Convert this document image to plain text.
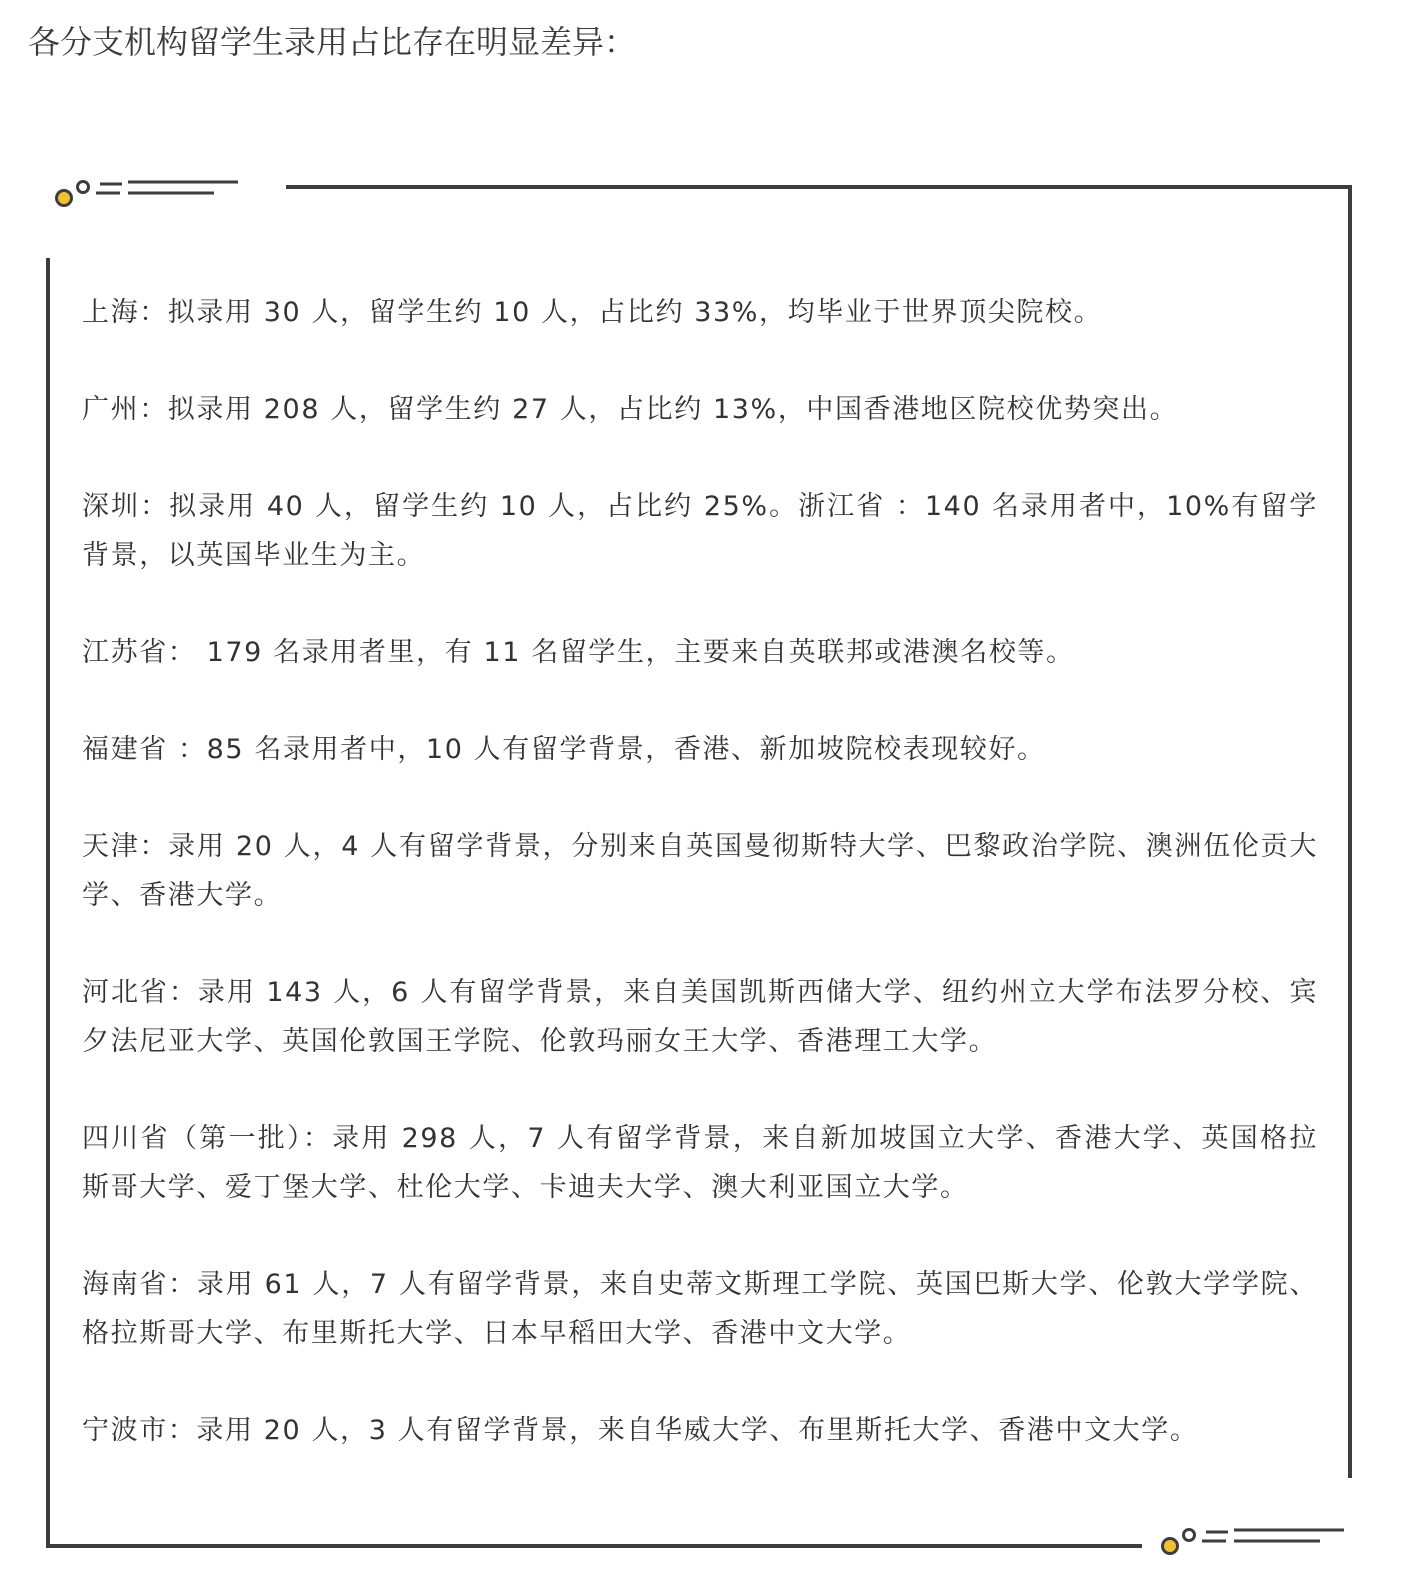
各分支机构留学生录用占比存在明显差异：

上海：拟录用 30 人，留学生约 10 人，占比约 33%，均毕业于世界顶尖院校。

广州：拟录用 208 人，留学生约 27 人，占比约 13%，中国香港地区院校优势突出。

深圳：拟录用 40 人，留学生约 10 人，占比约 25%。浙江省 ：140 名录用者中，10%有留学背景，以英国毕业生为主。

江苏省： 179 名录用者里，有 11 名留学生，主要来自英联邦或港澳名校等。

福建省 ：85 名录用者中，10 人有留学背景，香港、新加坡院校表现较好。

天津：录用 20 人，4 人有留学背景，分别来自英国曼彻斯特大学、巴黎政治学院、澳洲伍伦贡大学、香港大学。

河北省：录用 143 人，6 人有留学背景，来自美国凯斯西储大学、纽约州立大学布法罗分校、宾夕法尼亚大学、英国伦敦国王学院、伦敦玛丽女王大学、香港理工大学。

四川省（第一批）：录用 298 人，7 人有留学背景，来自新加坡国立大学、香港大学、英国格拉斯哥大学、爱丁堡大学、杜伦大学、卡迪夫大学、澳大利亚国立大学。

海南省：录用 61 人，7 人有留学背景，来自史蒂文斯理工学院、英国巴斯大学、伦敦大学学院、格拉斯哥大学、布里斯托大学、日本早稻田大学、香港中文大学。

宁波市：录用 20 人，3 人有留学背景，来自华威大学、布里斯托大学、香港中文大学。
